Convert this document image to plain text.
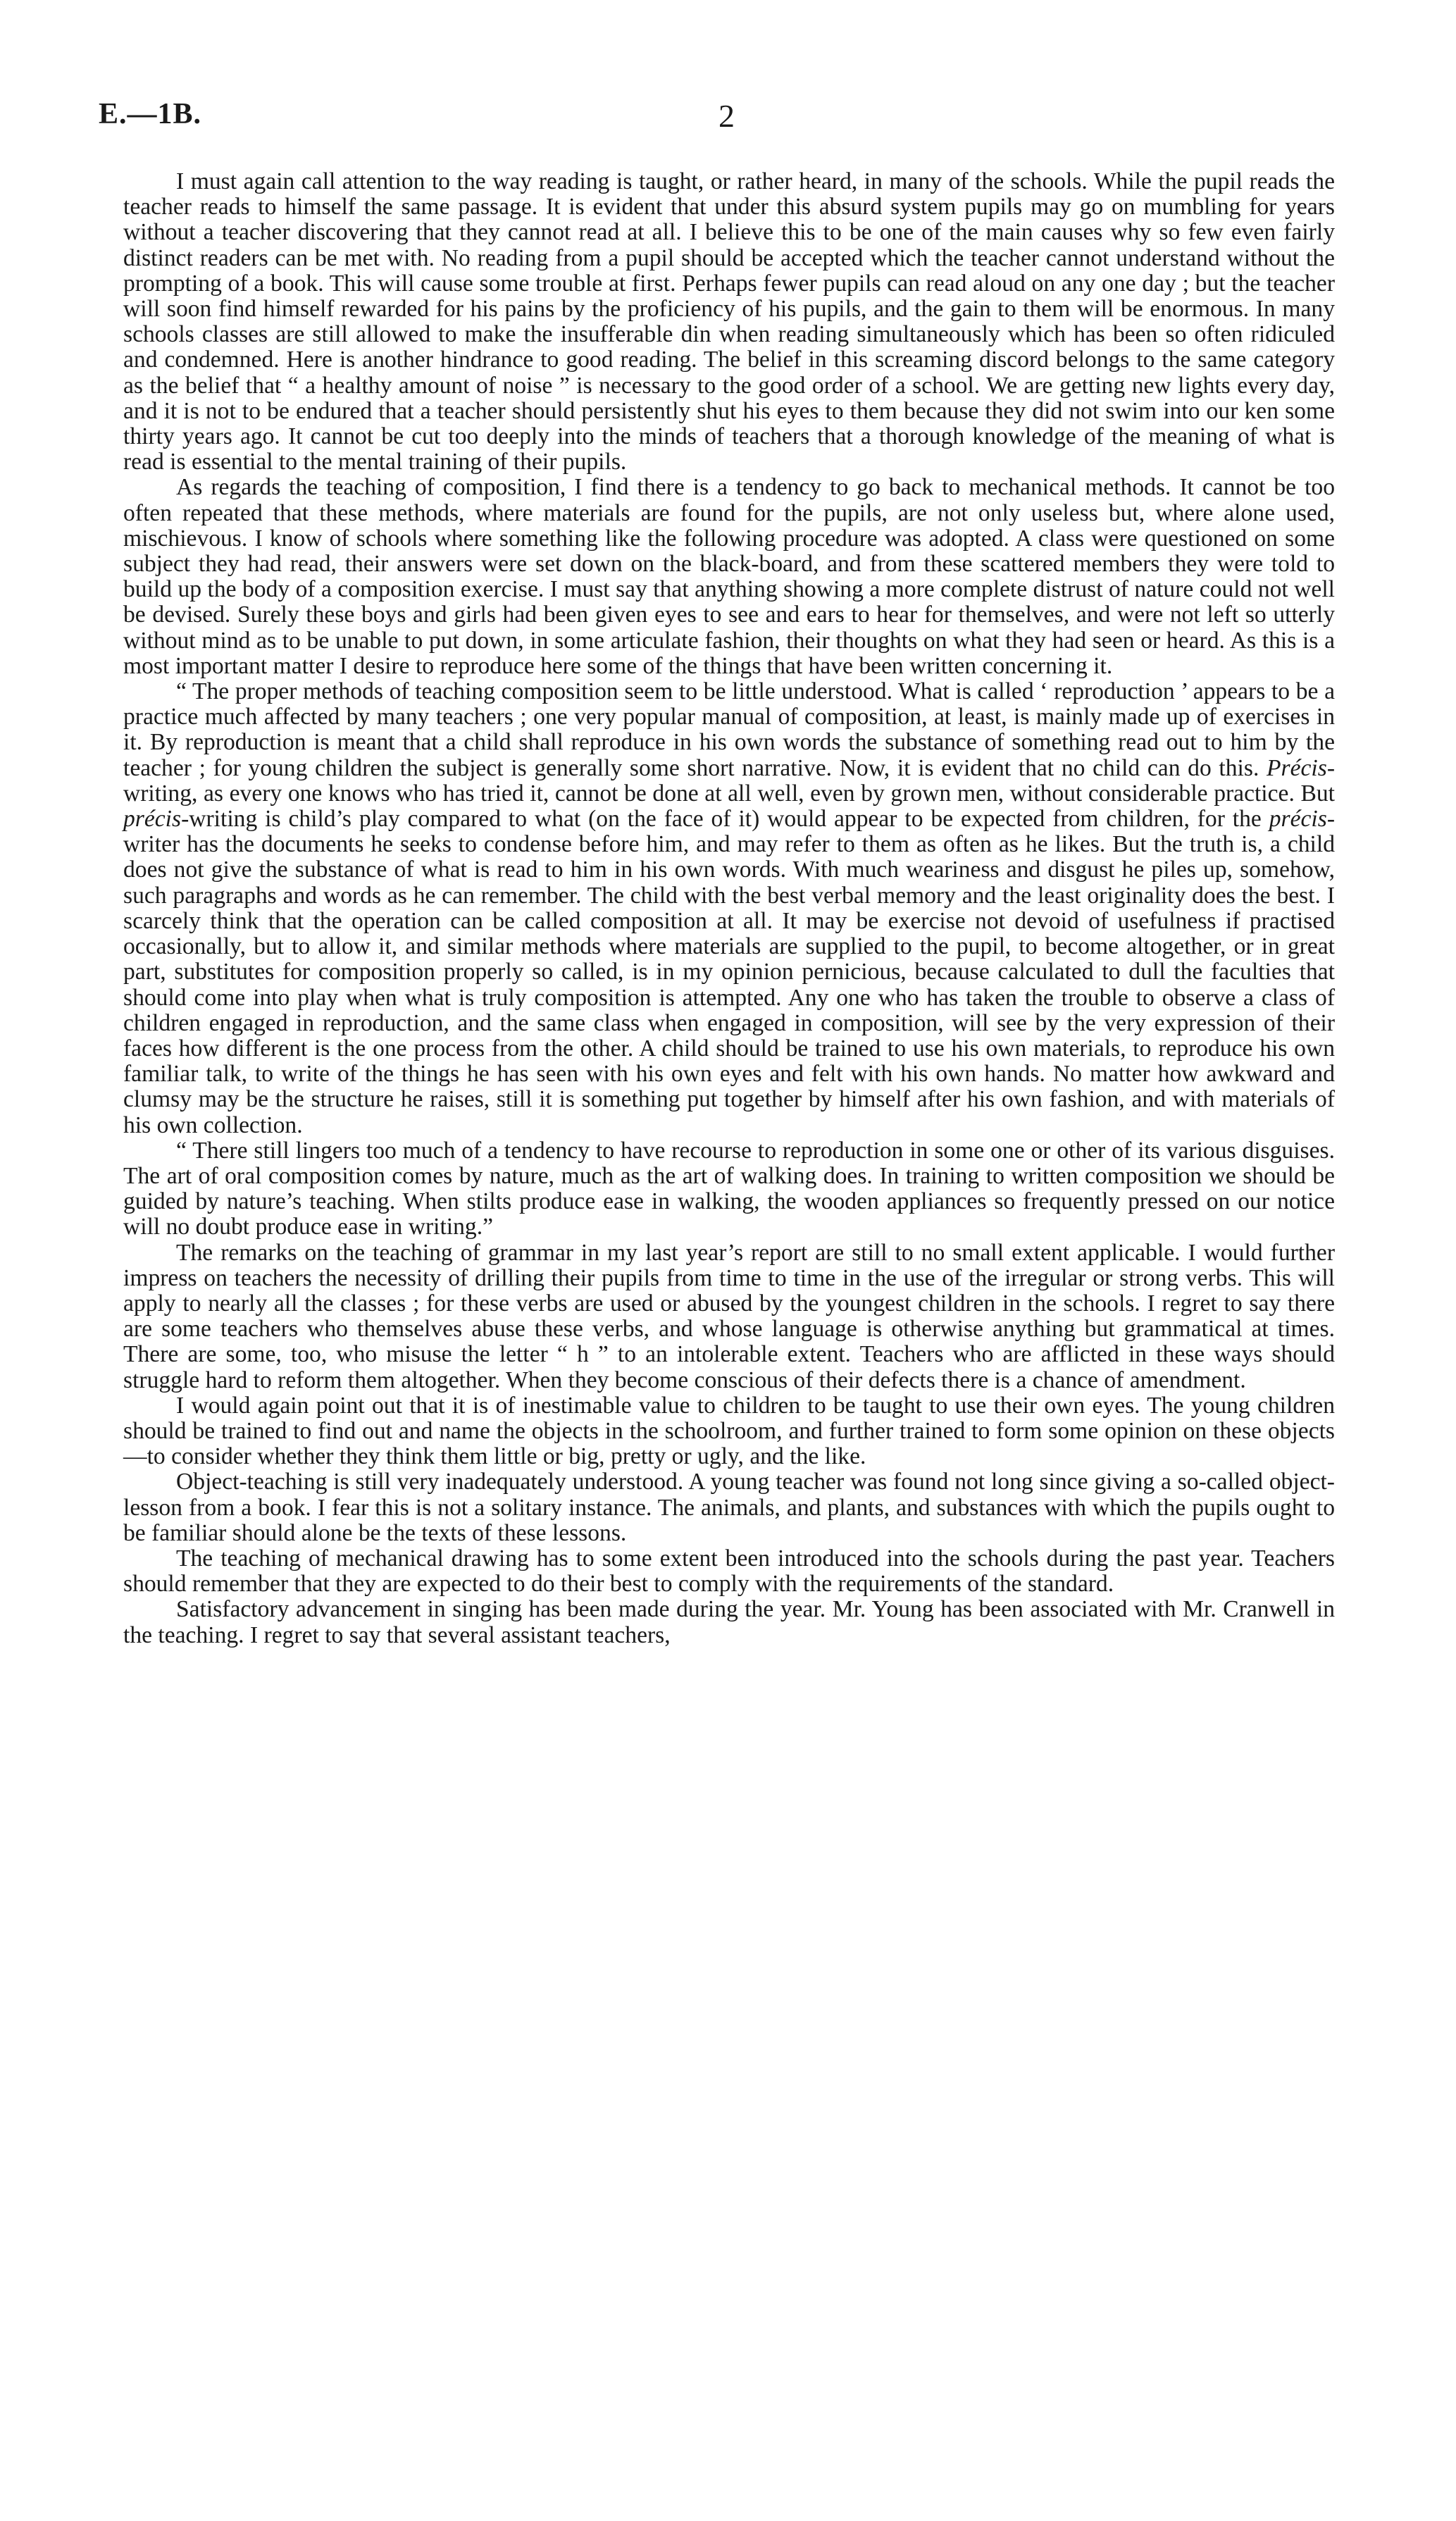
E.—1B.	2

I must again call attention to the way reading is taught, or rather heard, in many of the schools. While the pupil reads the teacher reads to himself the same passage. It is evident that under this absurd system pupils may go on mumbling for years without a teacher discovering that they cannot read at all. I believe this to be one of the main causes why so few even fairly distinct readers can be met with. No reading from a pupil should be accepted which the teacher cannot understand without the prompting of a book. This will cause some trouble at first. Perhaps fewer pupils can read aloud on any one day ; but the teacher will soon find himself rewarded for his pains by the proficiency of his pupils, and the gain to them will be enormous. In many schools classes are still allowed to make the insufferable din when reading simultaneously which has been so often ridiculed and condemned. Here is another hindrance to good reading. The belief in this screaming discord belongs to the same category as the belief that “ a healthy amount of noise ” is necessary to the good order of a school. We are getting new lights every day, and it is not to be endured that a teacher should persistently shut his eyes to them because they did not swim into our ken some thirty years ago. It cannot be cut too deeply into the minds of teachers that a thorough knowledge of the meaning of what is read is essential to the mental training of their pupils.

As regards the teaching of composition, I find there is a tendency to go back to mechanical methods. It cannot be too often repeated that these methods, where materials are found for the pupils, are not only useless but, where alone used, mischievous. I know of schools where something like the following procedure was adopted. A class were questioned on some subject they had read, their answers were set down on the black-board, and from these scattered members they were told to build up the body of a composition exercise. I must say that anything showing a more complete distrust of nature could not well be devised. Surely these boys and girls had been given eyes to see and ears to hear for themselves, and were not left so utterly without mind as to be unable to put down, in some articulate fashion, their thoughts on what they had seen or heard. As this is a most important matter I desire to reproduce here some of the things that have been written concerning it.

“ The proper methods of teaching composition seem to be little understood. What is called ‘ reproduction ’ appears to be a practice much affected by many teachers ; one very popular manual of composition, at least, is mainly made up of exercises in it. By reproduction is meant that a child shall reproduce in his own words the substance of something read out to him by the teacher ; for young children the subject is generally some short narrative. Now, it is evident that no child can do this. Précis-writing, as every one knows who has tried it, cannot be done at all well, even by grown men, without considerable practice. But précis-writing is child’s play compared to what (on the face of it) would appear to be expected from children, for the précis-writer has the documents he seeks to condense before him, and may refer to them as often as he likes. But the truth is, a child does not give the substance of what is read to him in his own words. With much weariness and disgust he piles up, somehow, such paragraphs and words as he can remember. The child with the best verbal memory and the least originality does the best. I scarcely think that the operation can be called composition at all. It may be exercise not devoid of usefulness if practised occasionally, but to allow it, and similar methods where materials are supplied to the pupil, to become altogether, or in great part, substitutes for composition properly so called, is in my opinion pernicious, because calculated to dull the faculties that should come into play when what is truly composition is attempted. Any one who has taken the trouble to observe a class of children engaged in reproduction, and the same class when engaged in composition, will see by the very expression of their faces how different is the one process from the other. A child should be trained to use his own materials, to reproduce his own familiar talk, to write of the things he has seen with his own eyes and felt with his own hands. No matter how awkward and clumsy may be the structure he raises, still it is something put together by himself after his own fashion, and with materials of his own collection.

“ There still lingers too much of a tendency to have recourse to reproduction in some one or other of its various disguises. The art of oral composition comes by nature, much as the art of walking does. In training to written composition we should be guided by nature’s teaching. When stilts produce ease in walking, the wooden appliances so frequently pressed on our notice will no doubt produce ease in writing.”

The remarks on the teaching of grammar in my last year’s report are still to no small extent applicable. I would further impress on teachers the necessity of drilling their pupils from time to time in the use of the irregular or strong verbs. This will apply to nearly all the classes ; for these verbs are used or abused by the youngest children in the schools. I regret to say there are some teachers who themselves abuse these verbs, and whose language is otherwise anything but grammatical at times. There are some, too, who misuse the letter “ h ” to an intolerable extent. Teachers who are afflicted in these ways should struggle hard to reform them altogether. When they become conscious of their defects there is a chance of amendment.

I would again point out that it is of inestimable value to children to be taught to use their own eyes. The young children should be trained to find out and name the objects in the schoolroom, and further trained to form some opinion on these objects—to consider whether they think them little or big, pretty or ugly, and the like.

Object-teaching is still very inadequately understood. A young teacher was found not long since giving a so-called object-lesson from a book. I fear this is not a solitary instance. The animals, and plants, and substances with which the pupils ought to be familiar should alone be the texts of these lessons.

The teaching of mechanical drawing has to some extent been introduced into the schools during the past year. Teachers should remember that they are expected to do their best to comply with the requirements of the standard.

Satisfactory advancement in singing has been made during the year. Mr. Young has been associated with Mr. Cranwell in the teaching. I regret to say that several assistant teachers,
